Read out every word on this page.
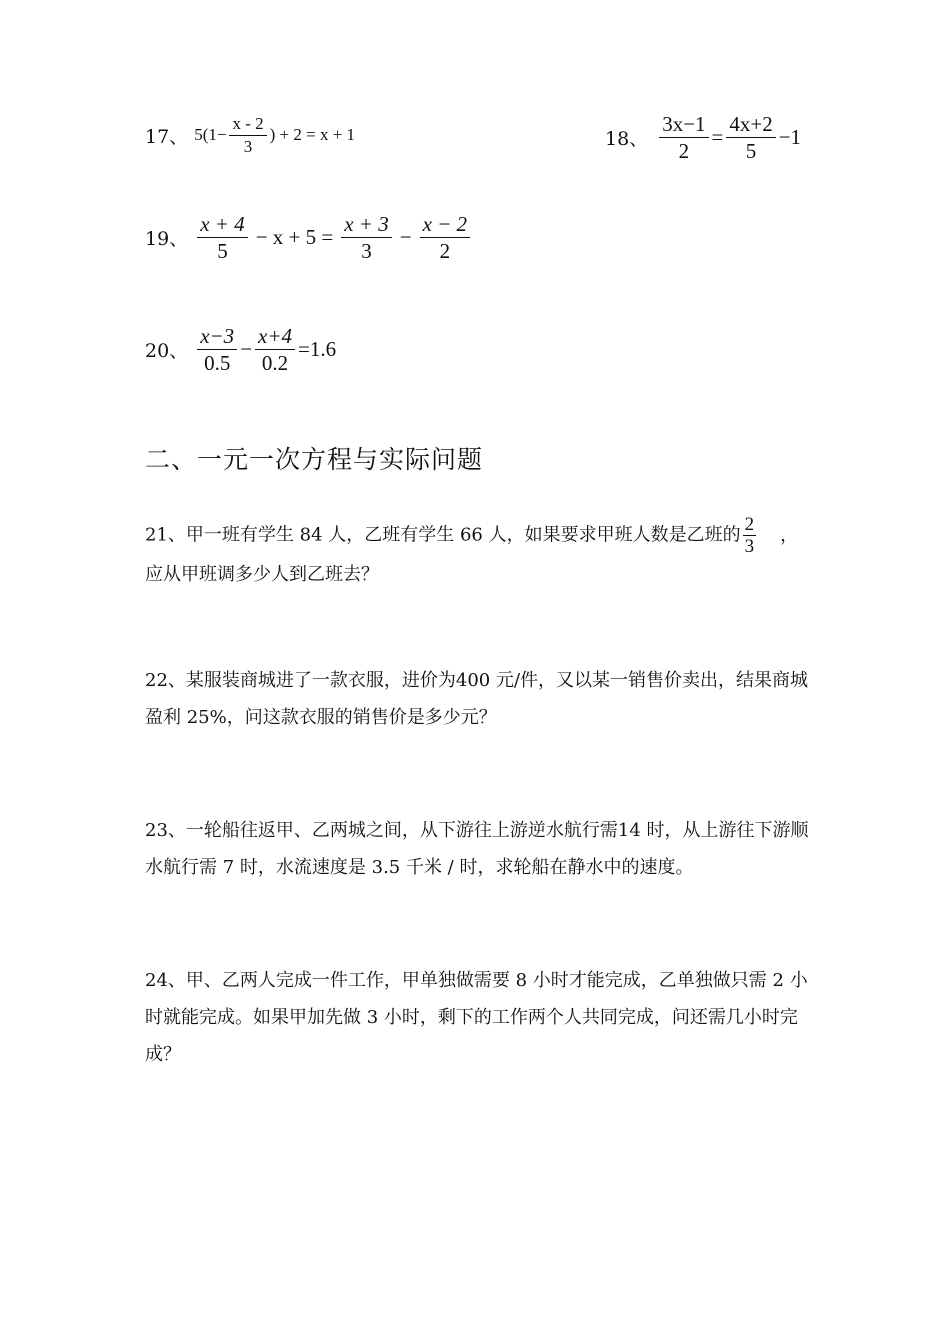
17、 $5(1- \frac{x - 2}{3}$ ) + 2 = x + 1	18、 $\frac{3x-1}{2} = \frac{4x+2}{5} -1$
19、 $\frac{x + 4}{5} - x + 5 = \frac{x + 3}{3} - \frac{x - 2}{2}$
20、 $\frac{x-3}{0.5} - \frac{x+4}{0.2} =1.6$
二、一元一次方程与实际问题
21、甲一班有学生 84 人，乙班有学生 66 人，如果要求甲班人数是乙班的 $\frac{2}{3}$ ，
应从甲班调多少人到乙班去？
22、某服装商城进了一款衣服，进价为400 元/件，又以某一销售价卖出，结果商城盈利 25%，问这款衣服的销售价是多少元？
23、一轮船往返甲、乙两城之间，从下游往上游逆水航行需14 时，从上游往下游顺水航行需 7 时，水流速度是 3.5 千米 / 时，求轮船在静水中的速度。
24、甲、乙两人完成一件工作，甲单独做需要 8 小时才能完成，乙单独做只需 2 小时就能完成。如果甲加先做 3 小时，剩下的工作两个人共同完成，问还需几小时完成？
